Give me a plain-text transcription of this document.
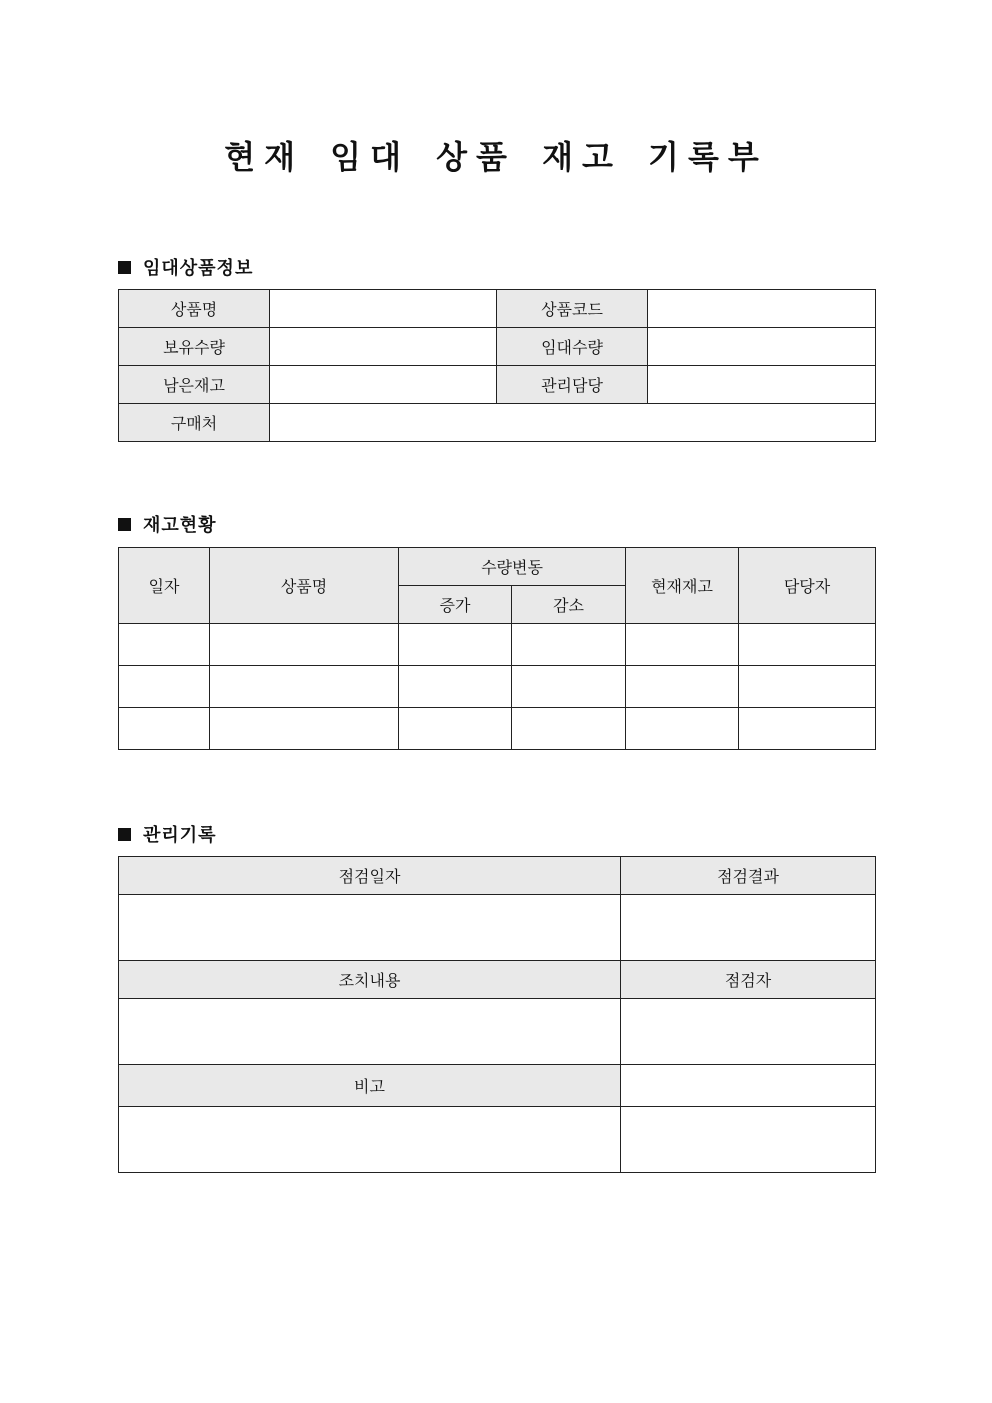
현재 임대 상품 재고 기록부
임대상품정보
상품명		상품코드	
보유수량		임대수량	
남은재고		관리담당	
구매처			
재고현황
일자	상품명	수량변동		현재재고	담당자
		증가	감소		

관리기록
점검일자	점검결과

조치내용	점검자

비고	
